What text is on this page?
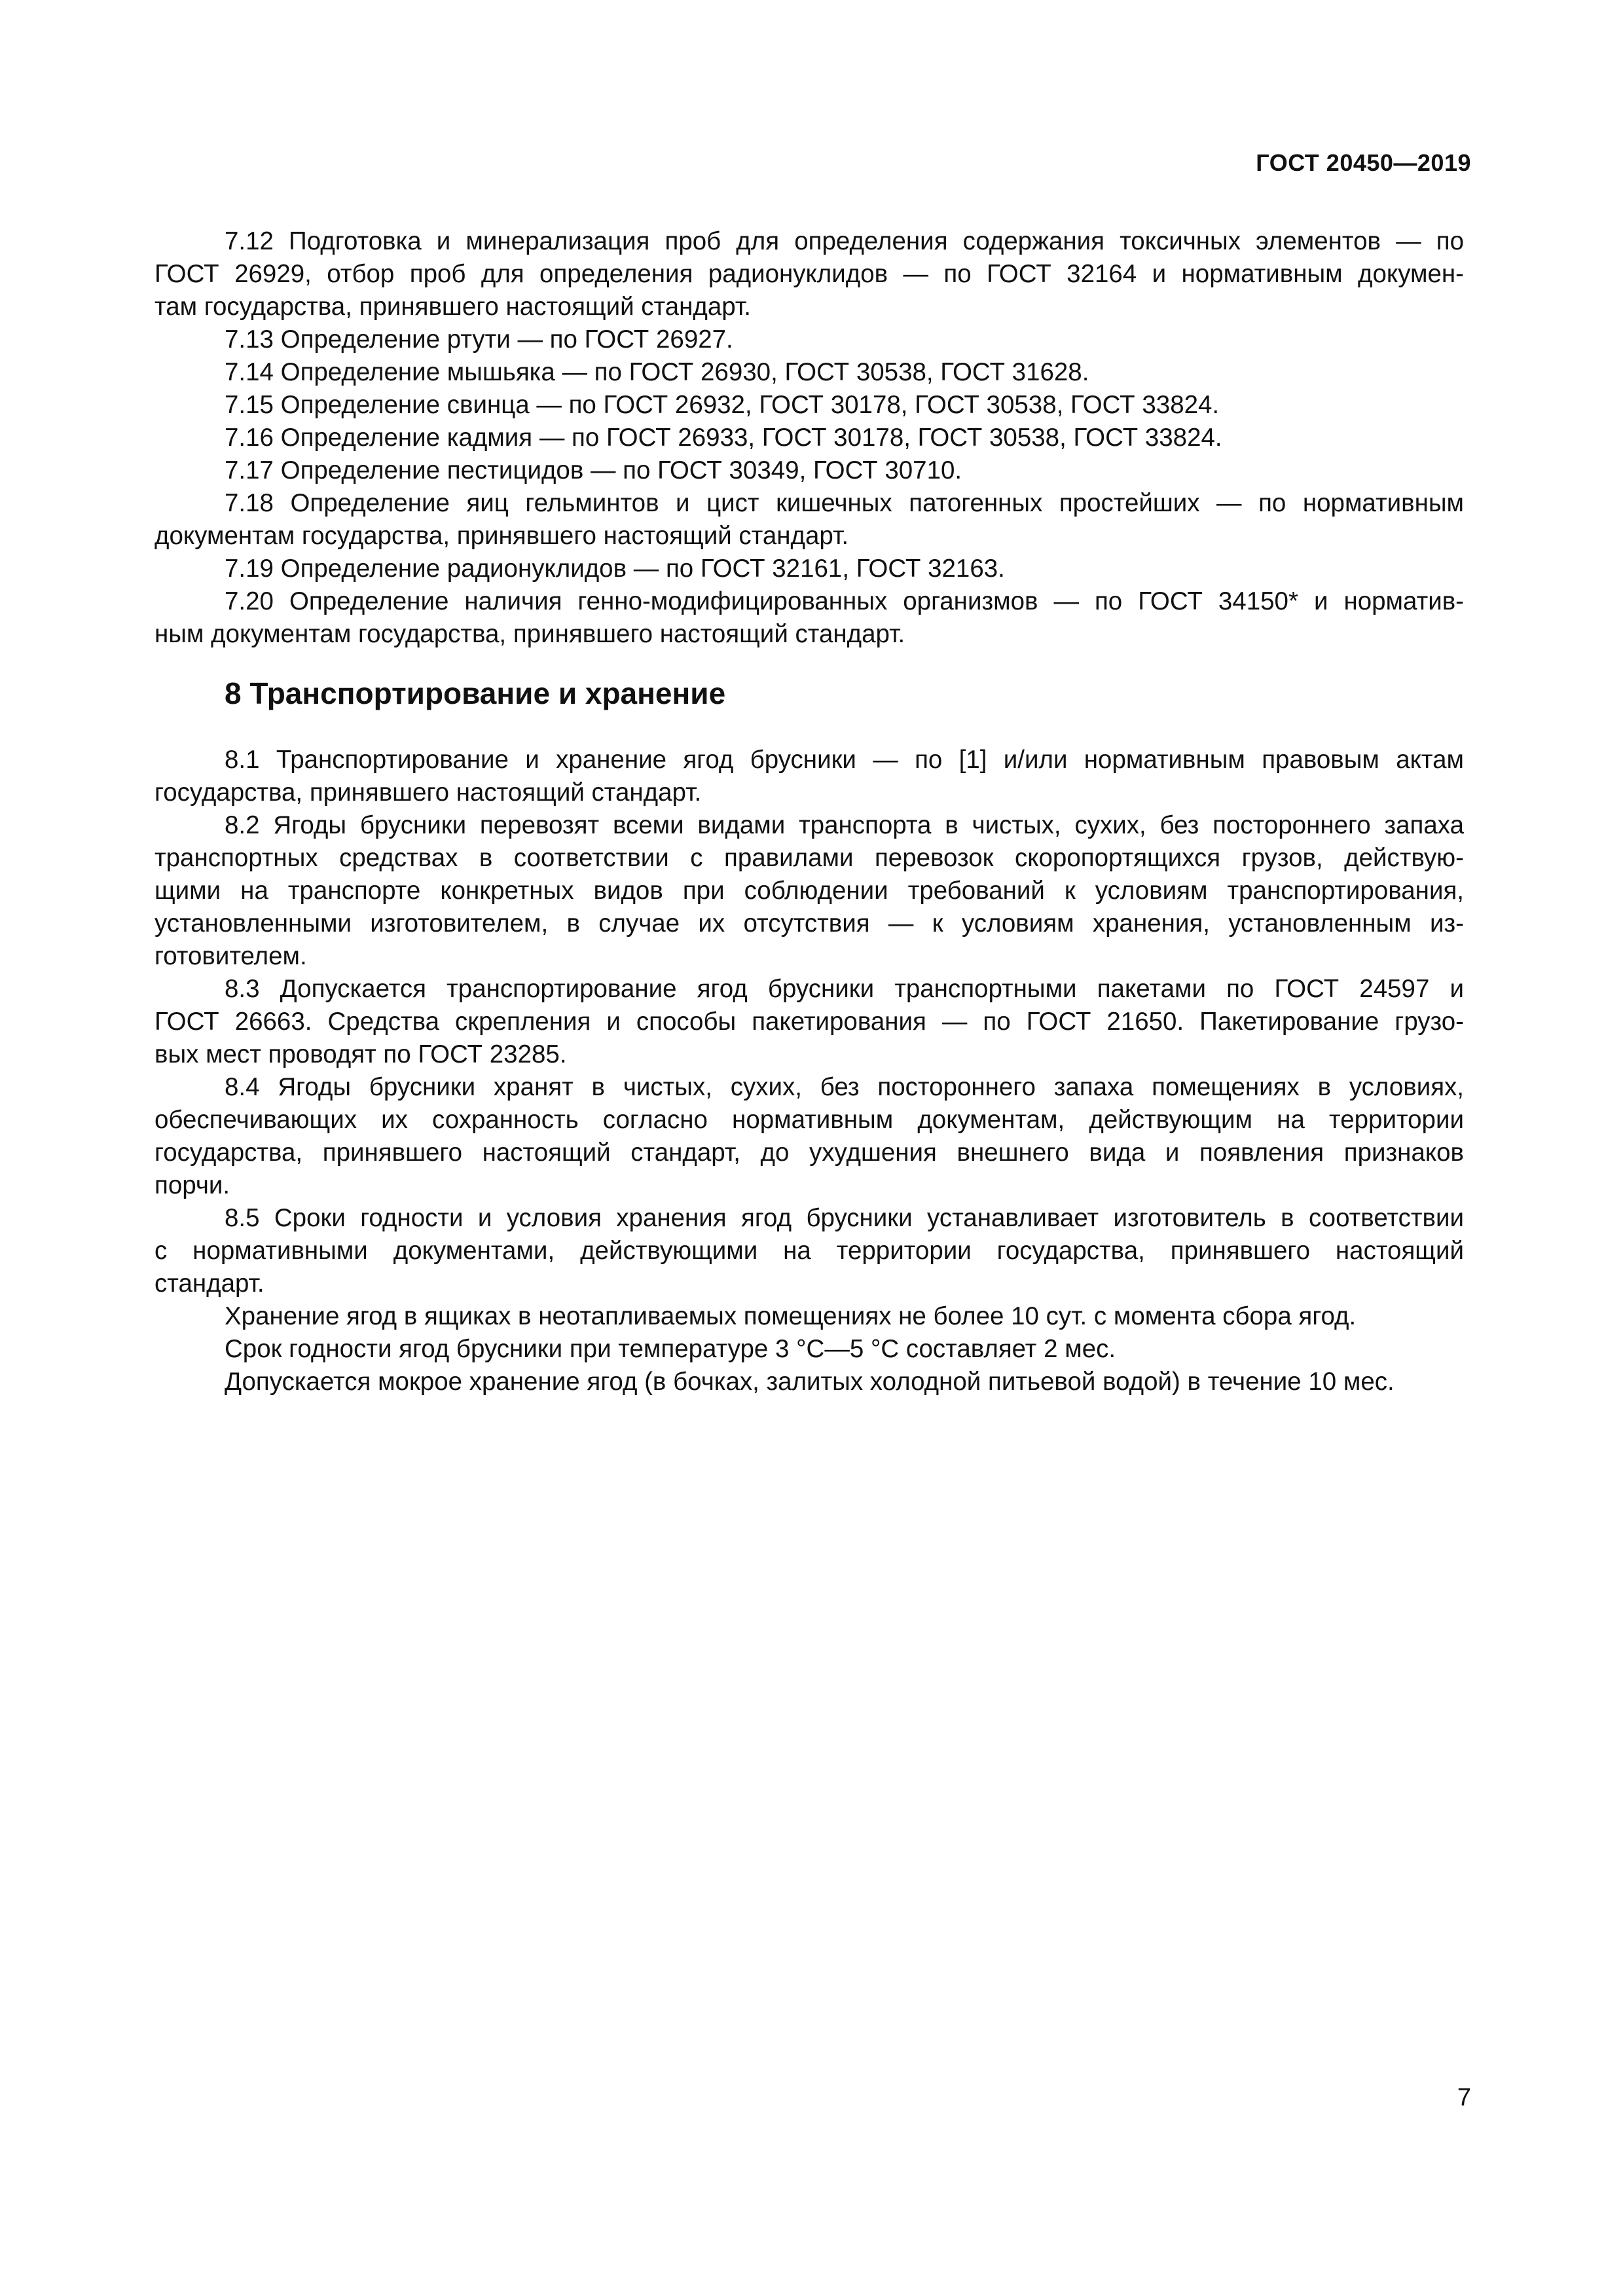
ГОСТ 20450—2019
7.12 Подготовка и минерализация проб для определения содержания токсичных элементов — по
ГОСТ 26929, отбор проб для определения радионуклидов — по ГОСТ 32164 и нормативным докумен-
там государства, принявшего настоящий стандарт.
7.13 Определение ртути — по ГОСТ 26927.
7.14 Определение мышьяка — по ГОСТ 26930, ГОСТ 30538, ГОСТ 31628.
7.15 Определение свинца — по ГОСТ 26932, ГОСТ 30178, ГОСТ 30538, ГОСТ 33824.
7.16 Определение кадмия — по ГОСТ 26933, ГОСТ 30178, ГОСТ 30538, ГОСТ 33824.
7.17 Определение пестицидов — по ГОСТ 30349, ГОСТ 30710.
7.18 Определение яиц гельминтов и цист кишечных патогенных простейших — по нормативным
документам государства, принявшего настоящий стандарт.
7.19 Определение радионуклидов — по ГОСТ 32161, ГОСТ 32163.
7.20 Определение наличия генно-модифицированных организмов — по ГОСТ 34150* и норматив-
ным документам государства, принявшего настоящий стандарт.
8 Транспортирование и хранение
8.1 Транспортирование и хранение ягод брусники — по [1] и/или нормативным правовым актам
государства, принявшего настоящий стандарт.
8.2 Ягоды брусники перевозят всеми видами транспорта в чистых, сухих, без постороннего запаха
транспортных средствах в соответствии с правилами перевозок скоропортящихся грузов, действую-
щими на транспорте конкретных видов при соблюдении требований к условиям транспортирования,
установленными изготовителем, в случае их отсутствия — к условиям хранения, установленным из-
готовителем.
8.3 Допускается транспортирование ягод брусники транспортными пакетами по ГОСТ 24597 и
ГОСТ 26663. Средства скрепления и способы пакетирования — по ГОСТ 21650. Пакетирование грузо-
вых мест проводят по ГОСТ 23285.
8.4 Ягоды брусники хранят в чистых, сухих, без постороннего запаха помещениях в условиях,
обеспечивающих их сохранность согласно нормативным документам, действующим на территории
государства, принявшего настоящий стандарт, до ухудшения внешнего вида и появления признаков
порчи.
8.5 Сроки годности и условия хранения ягод брусники устанавливает изготовитель в соответствии
с нормативными документами, действующими на территории государства, принявшего настоящий
стандарт.
Хранение ягод в ящиках в неотапливаемых помещениях не более 10 сут. с момента сбора ягод.
Срок годности ягод брусники при температуре 3 °С—5 °С составляет 2 мес.
Допускается мокрое хранение ягод (в бочках, залитых холодной питьевой водой) в течение 10 мес.
7
